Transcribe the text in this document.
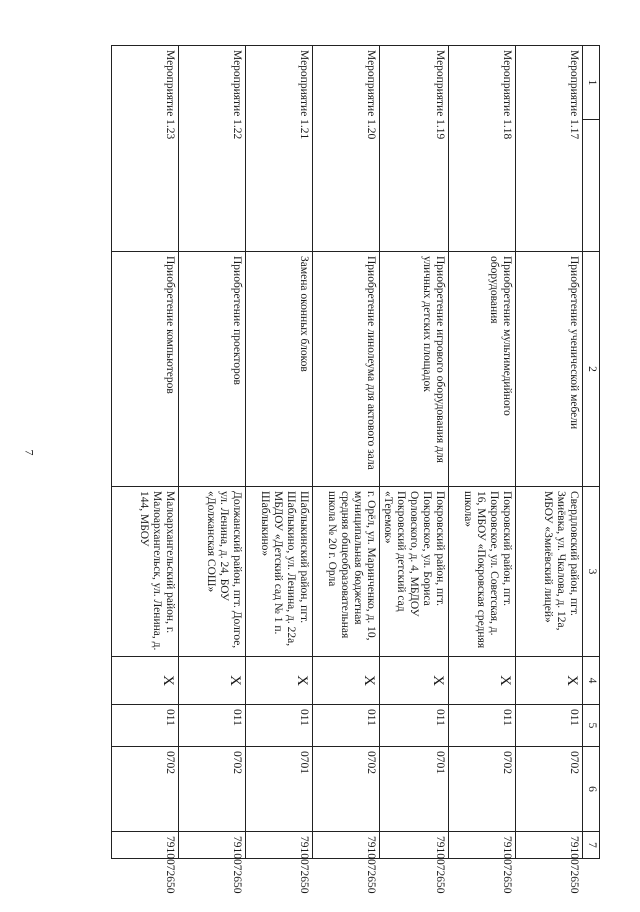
7
1		2	3	4	5	6	7	
Мероприятие 1.17		Приобретение ученической мебели	Свердловский район, пгт. Змиёвка, ул. Чкалова, д. 12а, МБОУ «Змиёвский лицей»	Х	011	0702	7910072650	
Мероприятие 1.18		Приобретение мультимедийного оборудования	Покровский район, пгт. Покровское, ул. Советская, д. 16, МБОУ «Покровская средняя школа»	Х	011	0702	7910072650	
Мероприятие 1.19		Приобретение игрового оборудования для уличных детских площадок	Покровский район, пгт. Покровское, ул. Бориса Орловского, д. 4, МБДОУ Покровский детский сад «Теремок»	Х	011	0701	7910072650	
Мероприятие 1.20		Приобретение линолеума для актового зала	г. Орёл, ул. Маринченко, д. 10, муниципальная бюджетная средняя общеобразовательная школа № 20 г. Орла	Х	011	0702	7910072650	
Мероприятие 1.21		Замена оконных блоков	Шаблыкинский район, пгт. Шаблыкино, ул. Ленина, д. 22а, МБДОУ «Детский сад № 1 п. Шаблыкино»	Х	011	0701	7910072650	
Мероприятие 1.22		Приобретение проекторов	Должанский район, пгт. Долгое, ул. Ленина, д. 24, БОУ «Должанская СОШ»	Х	011	0702	7910072650	
Мероприятие 1.23		Приобретение компьютеров	Малоархангельский район, г. Малоархангельск, ул. Ленина, д. 144, МБОУ	Х	011	0702	7910072650	
